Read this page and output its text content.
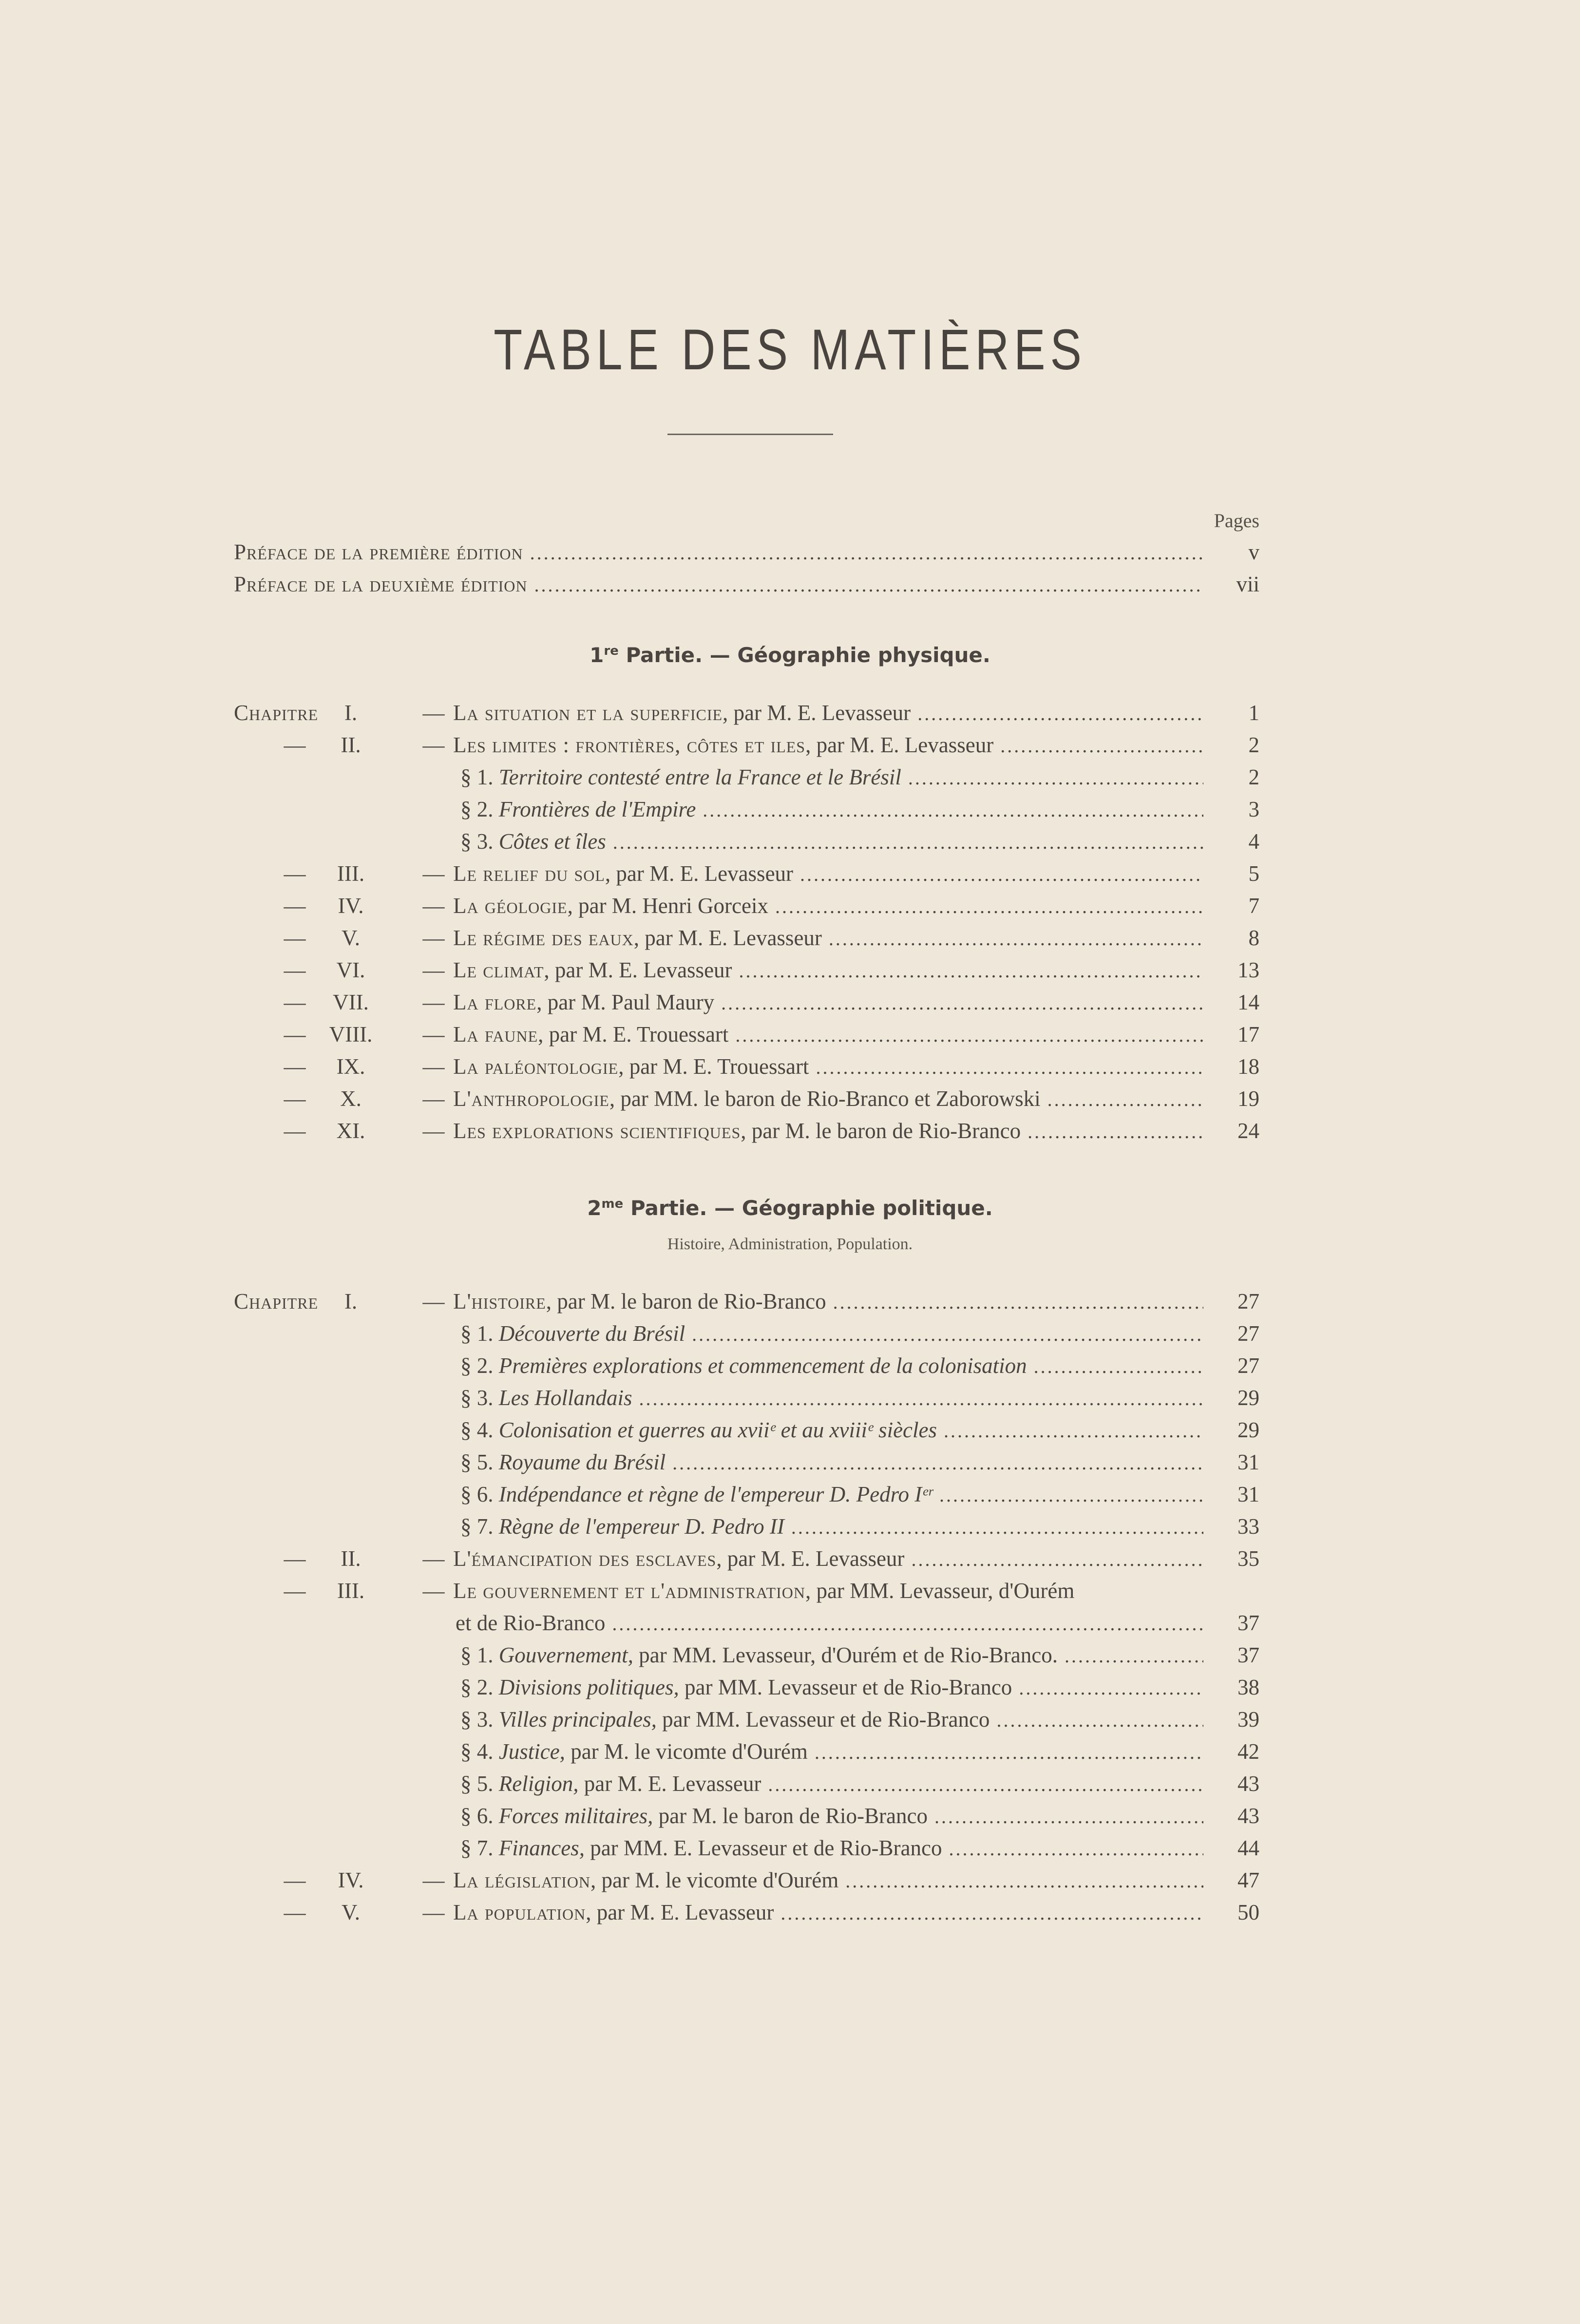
TABLE DES MATIÈRES
Pages
Préface de la première édition .....	v
Préface de la deuxième édition .....	vii
1re Partie. — Géographie physique.
Chapitre	I.	— La situation et la superficie, par M. E. Levasseur .....	1
—	II.	— Les limites : frontières, côtes et iles, par M. E. Levasseur .....	2
§ 1. Territoire contesté entre la France et le Brésil .....	2
§ 2. Frontières de l'Empire .....	3
§ 3. Côtes et îles .....	4
—	III.	— Le relief du sol, par M. E. Levasseur .....	5
—	IV.	— La géologie, par M. Henri Gorceix .....	7
—	V.	— Le régime des eaux, par M. E. Levasseur .....	8
—	VI.	— Le climat, par M. E. Levasseur .....	13
—	VII.	— La flore, par M. Paul Maury .....	14
—	VIII.	— La faune, par M. E. Trouessart .....	17
—	IX.	— La paléontologie, par M. E. Trouessart .....	18
—	X.	— L'anthropologie, par MM. le baron de Rio-Branco et Zaborowski .....	19
—	XI.	— Les explorations scientifiques, par M. le baron de Rio-Branco .....	24
$2^{me}$ Partie. — Géographie politique.
Histoire, Administration, Population.
Chapitre	I.	— L'histoire, par M. le baron de Rio-Branco .....	27
§ 1. Découverte du Brésil .....	27
§ 2. Premières explorations et commencement de la colonisation .....	27
§ 3. Les Hollandais .....	29
§ 4. Colonisation et guerres au xviiᵉ et au xviiiᵉ siècles .....	29
§ 5. Royaume du Brésil .....	31
§ 6. Indépendance et règne de l'empereur D. Pedro Iᵉʳ .....	31
§ 7. Règne de l'empereur D. Pedro II .....	33
—	II.	— L'émancipation des esclaves, par M. E. Levasseur .....	35
—	III.	— Le gouvernement et l'administration, par MM. Levasseur, d'Ourém
et de Rio-Branco .....	37
§ 1. Gouvernement, par MM. Levasseur, d'Ourém et de Rio-Branco. .....	37
§ 2. Divisions politiques, par MM. Levasseur et de Rio-Branco .....	38
§ 3. Villes principales, par MM. Levasseur et de Rio-Branco .....	39
§ 4. Justice, par M. le vicomte d'Ourém .....	42
§ 5. Religion, par M. E. Levasseur .....	43
§ 6. Forces militaires, par M. le baron de Rio-Branco .....	43
§ 7. Finances, par MM. E. Levasseur et de Rio-Branco .....	44
—	IV.	— La législation, par M. le vicomte d'Ourém .....	47
—	V.	— La population, par M. E. Levasseur .....	50
